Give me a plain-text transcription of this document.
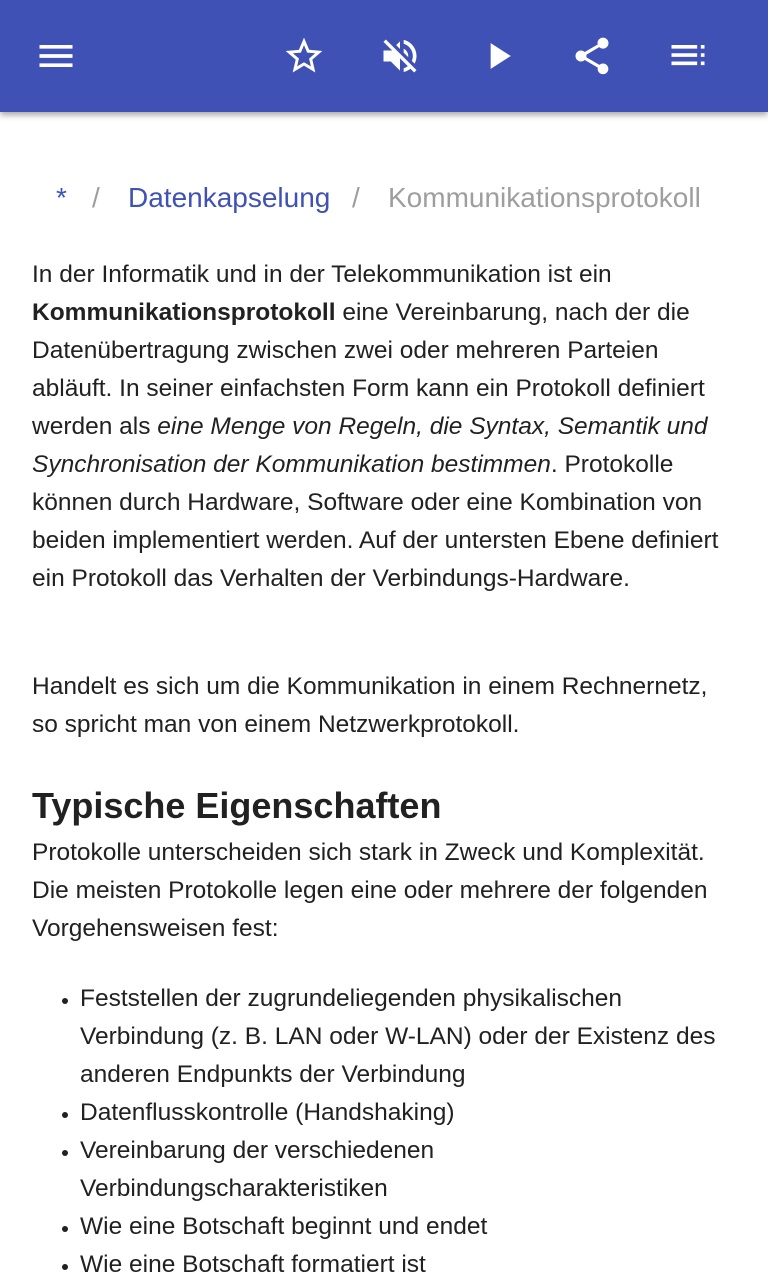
* / Datenkapselung / Kommunikationsprotokoll

In der Informatik und in der Telekommunikation ist ein Kommunikationsprotokoll eine Vereinbarung, nach der die Datenübertragung zwischen zwei oder mehreren Parteien abläuft. In seiner einfachsten Form kann ein Protokoll definiert werden als eine Menge von Regeln, die Syntax, Semantik und Synchronisation der Kommunikation bestimmen. Protokolle können durch Hardware, Software oder eine Kombination von beiden implementiert werden. Auf der untersten Ebene definiert ein Protokoll das Verhalten der Verbindungs-Hardware.

Handelt es sich um die Kommunikation in einem Rechnernetz, so spricht man von einem Netzwerkprotokoll.

Typische Eigenschaften

Protokolle unterscheiden sich stark in Zweck und Komplexität. Die meisten Protokolle legen eine oder mehrere der folgenden Vorgehensweisen fest:

• Feststellen der zugrundeliegenden physikalischen Verbindung (z. B. LAN oder W-LAN) oder der Existenz des anderen Endpunkts der Verbindung
• Datenflusskontrolle (Handshaking)
• Vereinbarung der verschiedenen Verbindungscharakteristiken
• Wie eine Botschaft beginnt und endet
• Wie eine Botschaft formatiert ist
